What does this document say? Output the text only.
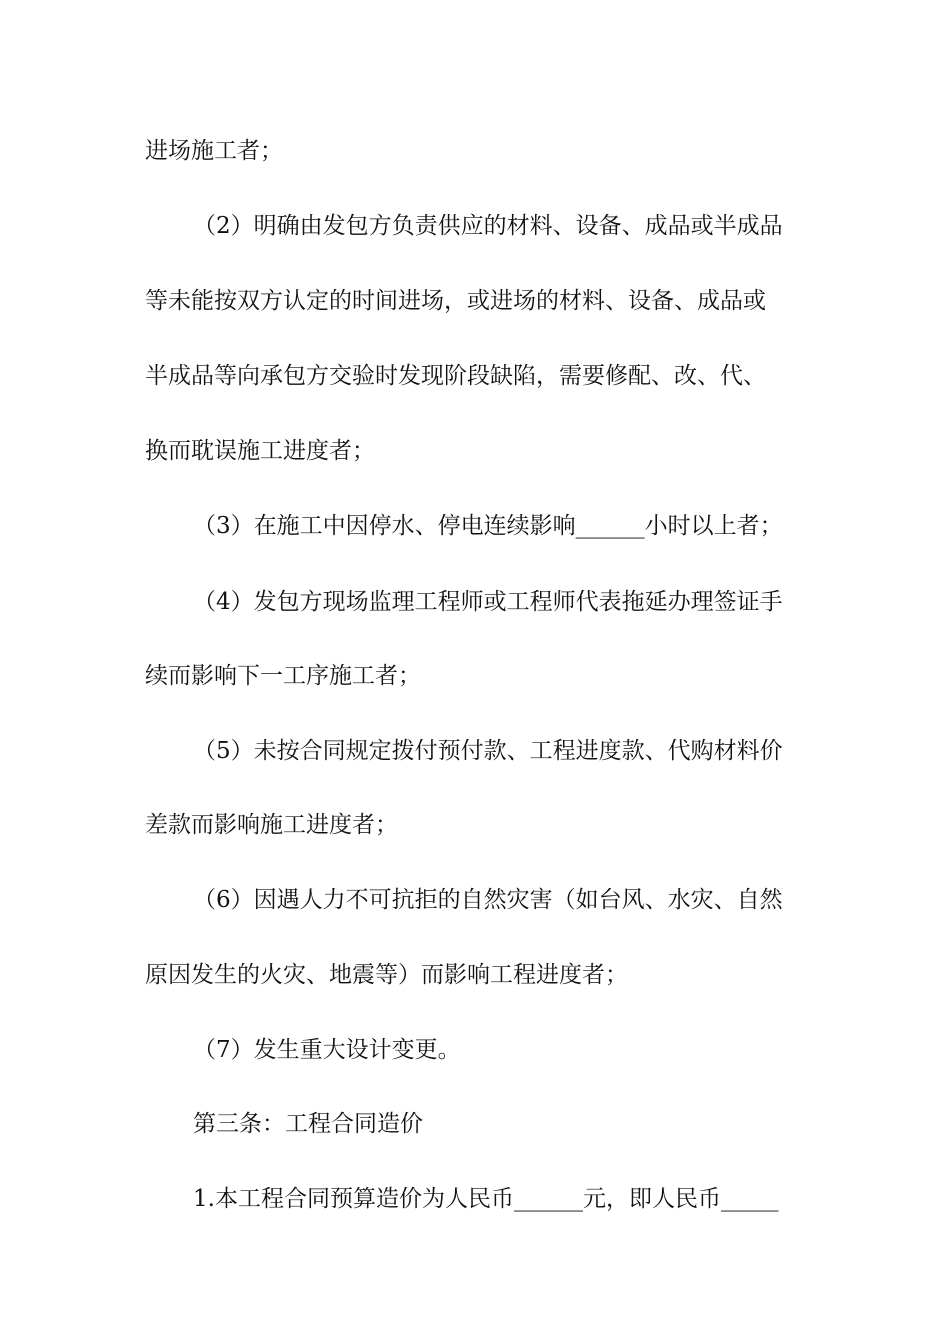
进场施工者；
（2）明确由发包方负责供应的材料、设备、成品或半成品
等未能按双方认定的时间进场，或进场的材料、设备、成品或
半成品等向承包方交验时发现阶段缺陷，需要修配、改、代、
换而耽误施工进度者；
（3）在施工中因停水、停电连续影响______小时以上者；
（4）发包方现场监理工程师或工程师代表拖延办理签证手
续而影响下一工序施工者；
（5）未按合同规定拨付预付款、工程进度款、代购材料价
差款而影响施工进度者；
（6）因遇人力不可抗拒的自然灾害（如台风、水灾、自然
原因发生的火灾、地震等）而影响工程进度者；
（7）发生重大设计变更。
第三条：工程合同造价
1.本工程合同预算造价为人民币______元，即人民币_____
